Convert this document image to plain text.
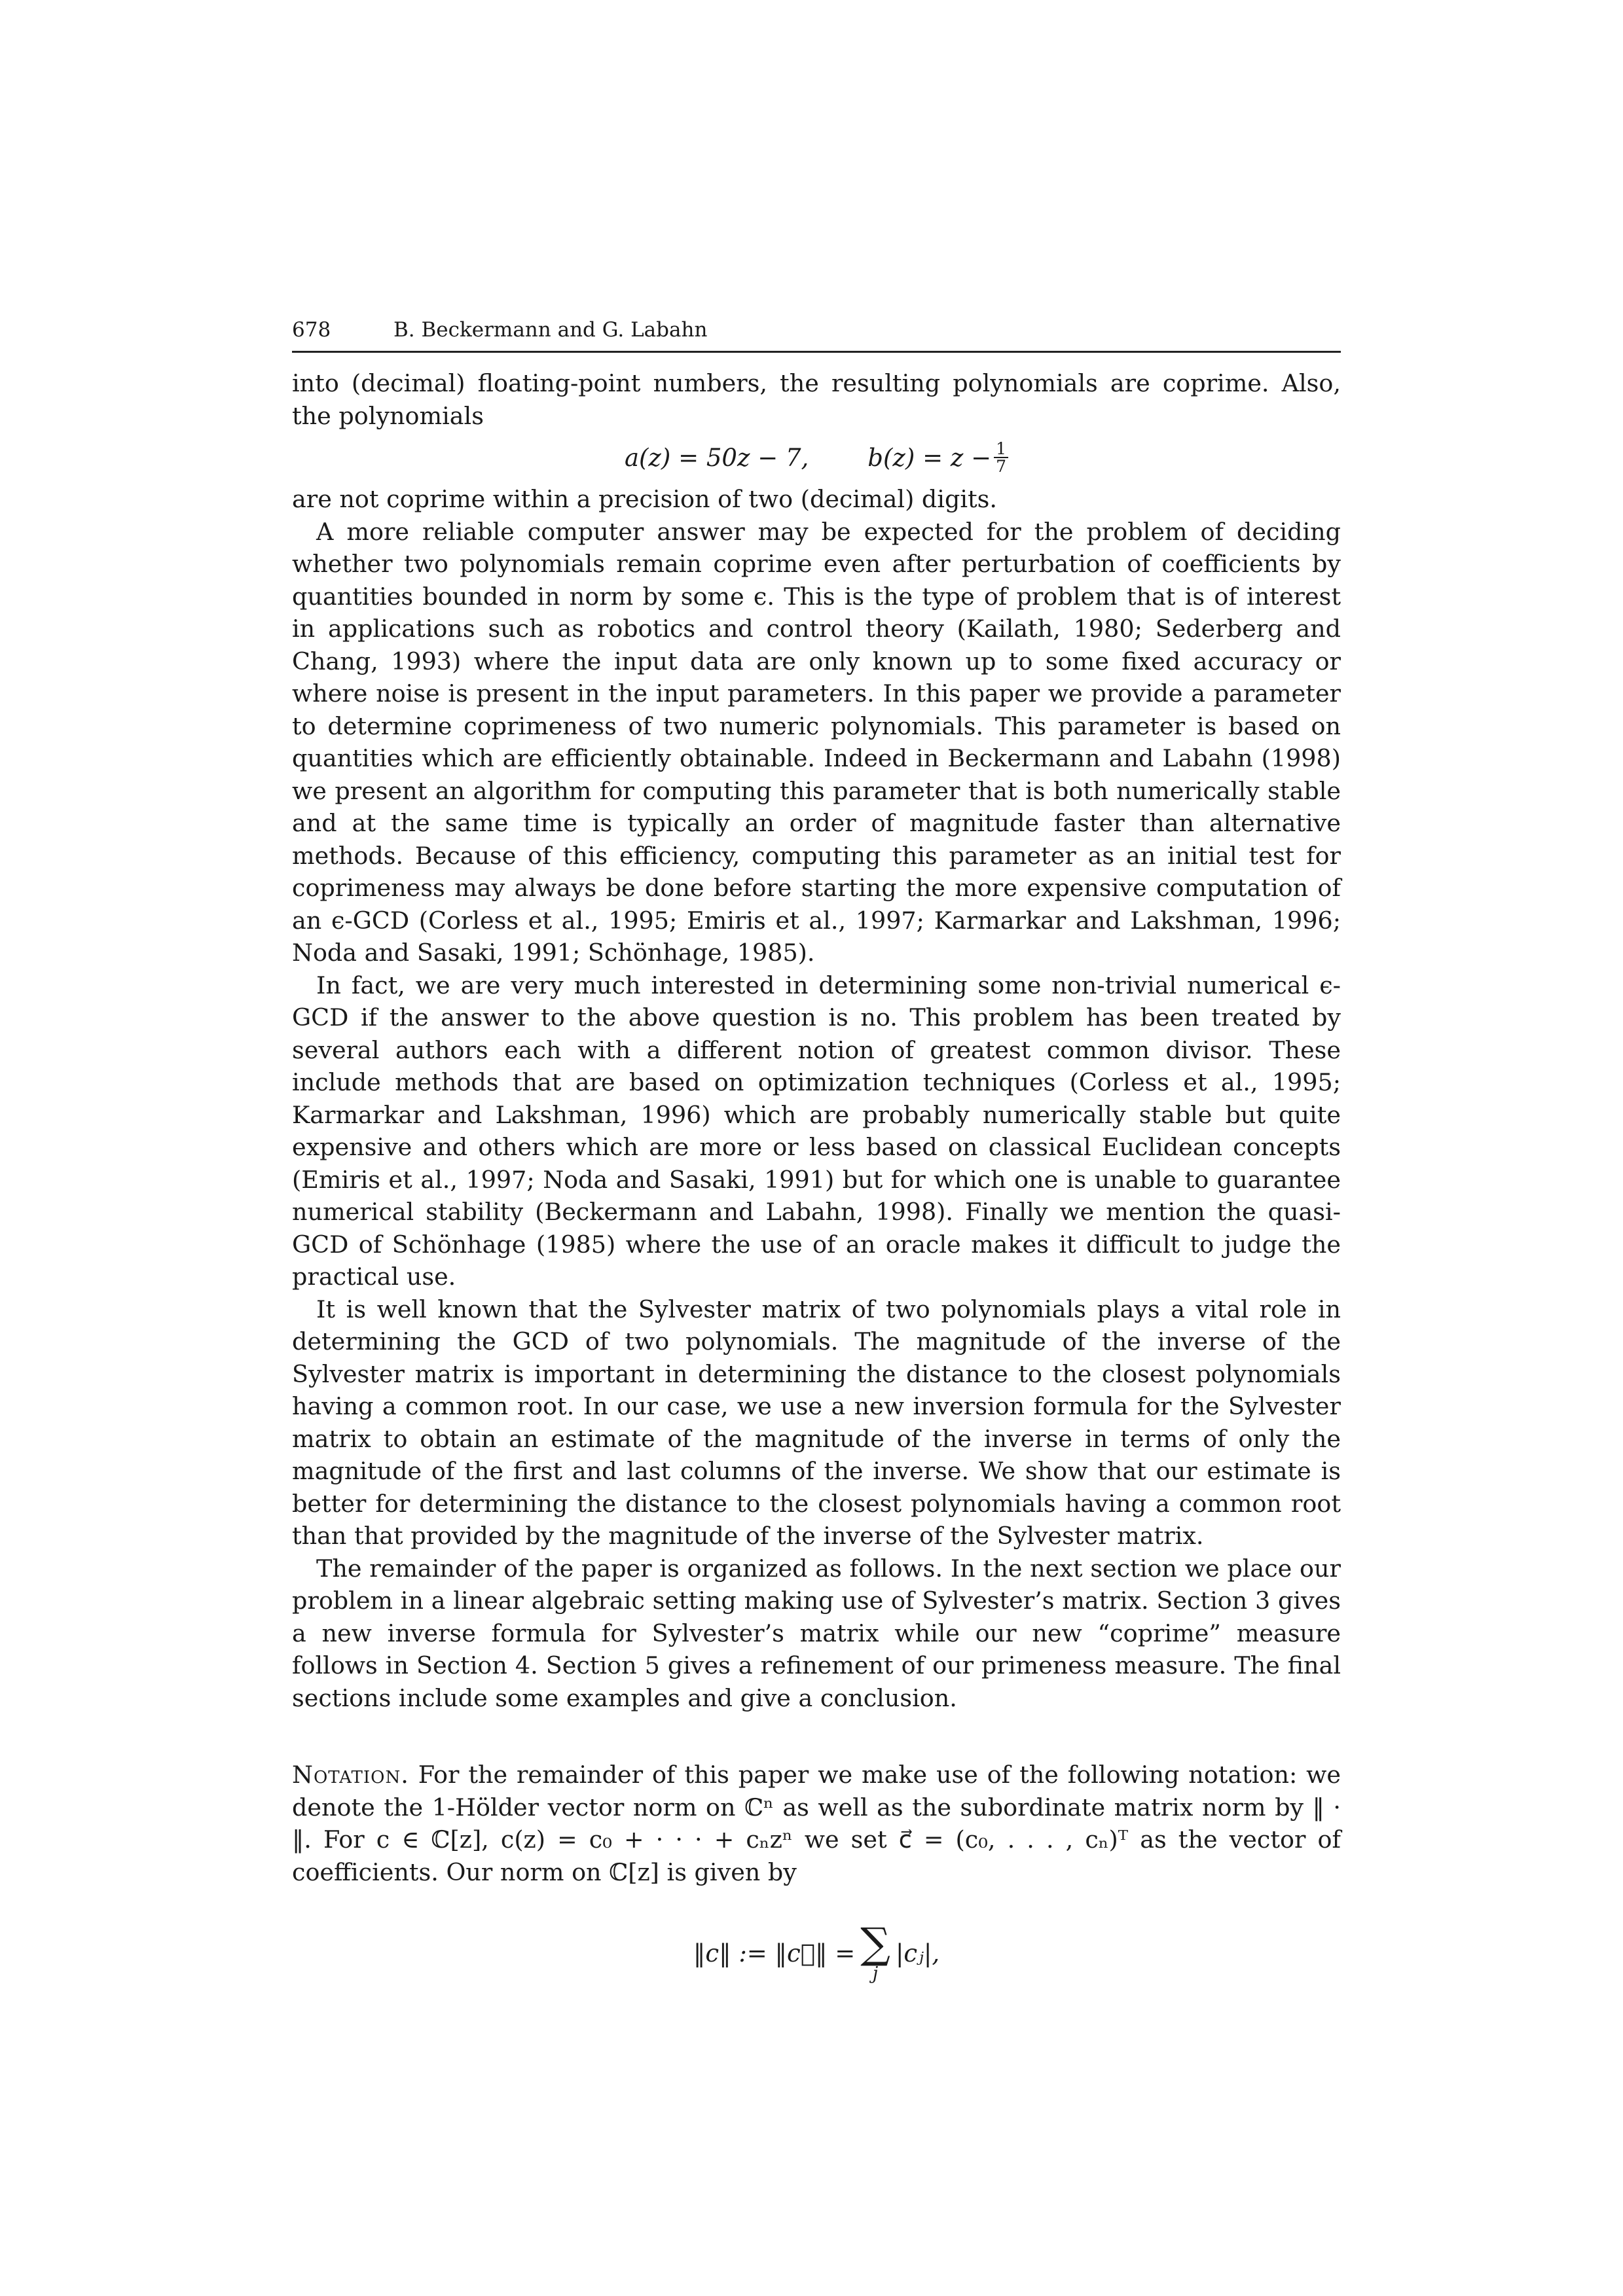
678	B. Beckermann and G. Labahn

into (decimal) floating-point numbers, the resulting polynomials are coprime. Also, the polynomials

a(z) = 50z − 7, $b(z) = z - \frac{1}{7}$

are not coprime within a precision of two (decimal) digits.

A more reliable computer answer may be expected for the problem of deciding whether two polynomials remain coprime even after perturbation of coefficients by quantities bounded in norm by some ϵ. This is the type of problem that is of interest in applications such as robotics and control theory (Kailath, 1980; Sederberg and Chang, 1993) where the input data are only known up to some fixed accuracy or where noise is present in the input parameters. In this paper we provide a parameter to determine coprimeness of two numeric polynomials. This parameter is based on quantities which are efficiently obtainable. Indeed in Beckermann and Labahn (1998) we present an algorithm for computing this parameter that is both numerically stable and at the same time is typically an order of magnitude faster than alternative methods. Because of this efficiency, computing this parameter as an initial test for coprimeness may always be done before starting the more expensive computation of an ϵ-GCD (Corless et al., 1995; Emiris et al., 1997; Karmarkar and Lakshman, 1996; Noda and Sasaki, 1991; Schönhage, 1985).

In fact, we are very much interested in determining some non-trivial numerical ϵ-GCD if the answer to the above question is no. This problem has been treated by several authors each with a different notion of greatest common divisor. These include methods that are based on optimization techniques (Corless et al., 1995; Karmarkar and Lakshman, 1996) which are probably numerically stable but quite expensive and others which are more or less based on classical Euclidean concepts (Emiris et al., 1997; Noda and Sasaki, 1991) but for which one is unable to guarantee numerical stability (Beckermann and Labahn, 1998). Finally we mention the quasi-GCD of Schönhage (1985) where the use of an oracle makes it difficult to judge the practical use.

It is well known that the Sylvester matrix of two polynomials plays a vital role in determining the GCD of two polynomials. The magnitude of the inverse of the Sylvester matrix is important in determining the distance to the closest polynomials having a common root. In our case, we use a new inversion formula for the Sylvester matrix to obtain an estimate of the magnitude of the inverse in terms of only the magnitude of the first and last columns of the inverse. We show that our estimate is better for determining the distance to the closest polynomials having a common root than that provided by the magnitude of the inverse of the Sylvester matrix.

The remainder of the paper is organized as follows. In the next section we place our problem in a linear algebraic setting making use of Sylvester’s matrix. Section 3 gives a new inverse formula for Sylvester’s matrix while our new “coprime” measure follows in Section 4. Section 5 gives a refinement of our primeness measure. The final sections include some examples and give a conclusion.

Notation. For the remainder of this paper we make use of the following notation: we denote the 1-Hölder vector norm on ℂⁿ as well as the subordinate matrix norm by ‖ · ‖. For c ∈ ℂ[z], c(z) = c₀ + · · · + cₙzⁿ we set c⃗ = (c₀, . . . , cₙ)ᵀ as the vector of coefficients. Our norm on ℂ[z] is given by

‖c‖ := ‖c⃗‖ = ∑
j
|cⱼ|,
